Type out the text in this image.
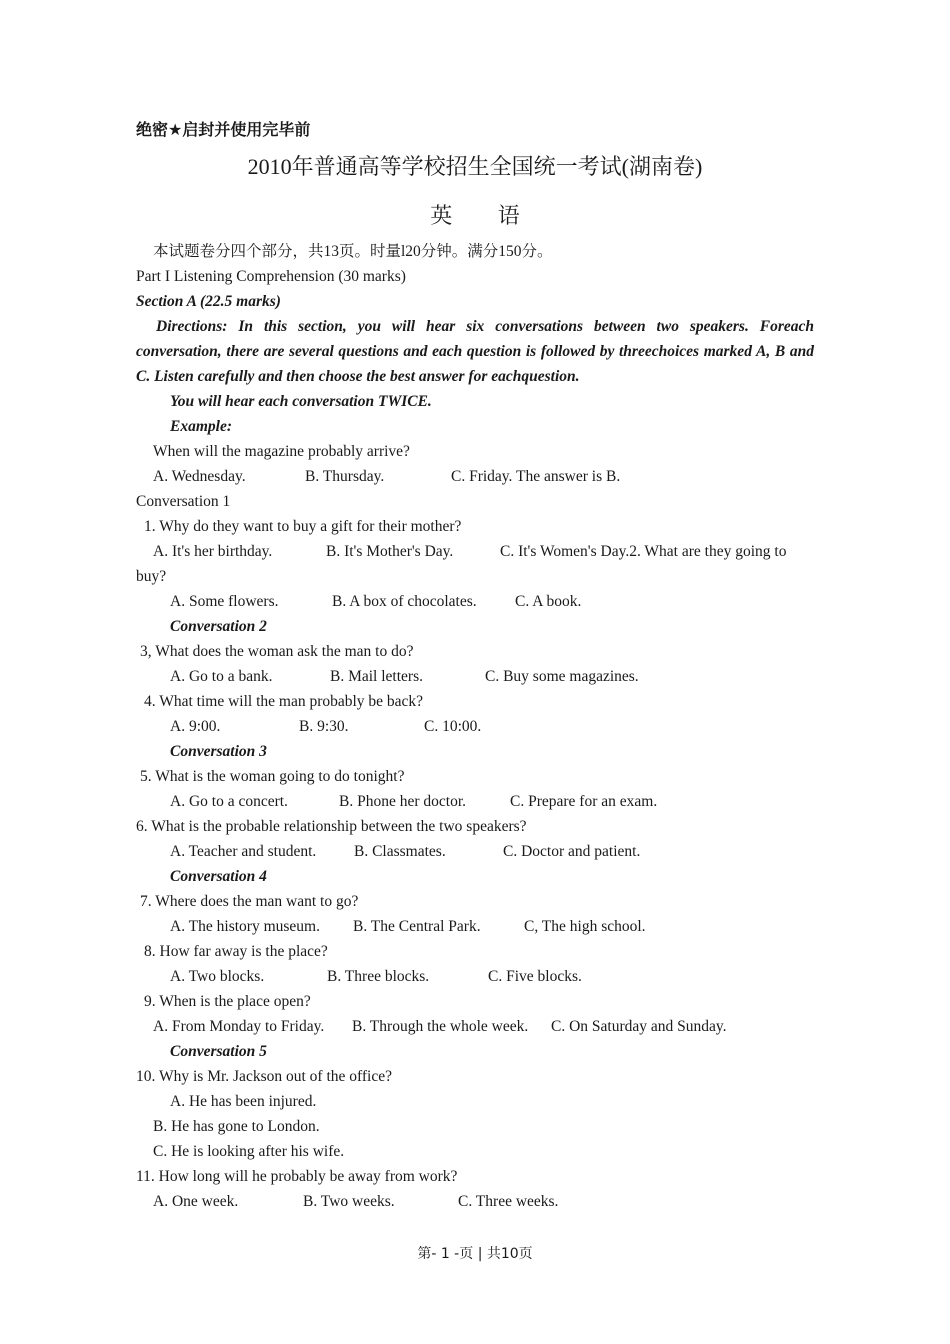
绝密★启封并使用完毕前
2010年普通高等学校招生全国统一考试(湖南卷)
英 语
本试题卷分四个部分，共13页。时量l20分钟。满分150分。
Part I Listening Comprehension (30 marks)
Section A (22.5 marks)
Directions: In this section, you will hear six conversations between two speakers. Foreach conversation, there are several questions and each question is followed by threechoices marked A, B and C. Listen carefully and then choose the best answer for eachquestion.
You will hear each conversation TWICE.
Example:
When will the magazine probably arrive?
A. Wednesday.	B. Thursday.	C. Friday. The answer is B.
Conversation 1
1. Why do they want to buy a gift for their mother?
A. It's her birthday.	B. It's Mother's Day.	C. It's Women's Day.2. What are they going to
buy?
A. Some flowers.	B. A box of chocolates. C. A book.
Conversation 2
3, What does the woman ask the man to do?
A. Go to a bank.	B. Mail letters.	C. Buy some magazines.
4. What time will the man probably be back?
A. 9:00.	B. 9:30.	C. 10:00.
Conversation 3
5. What is the woman going to do tonight?
A. Go to a concert.	B. Phone her doctor.	C. Prepare for an exam.
6. What is the probable relationship between the two speakers?
A. Teacher and student. B. Classmates.	C. Doctor and patient.
Conversation 4
7. Where does the man want to go?
A. The history museum. B. The Central Park.	C, The high school.
8. How far away is the place?
A. Two blocks.	B. Three blocks.	C. Five blocks.
9. When is the place open?
A. From Monday to Friday. B. Through the whole week. C. On Saturday and Sunday.
Conversation 5
10. Why is Mr. Jackson out of the office?
A. He has been injured.
B. He has gone to London.
C. He is looking after his wife.
11. How long will he probably be away from work?
A. One week.	B. Two weeks.	C. Three weeks.
第- 1 -页 | 共10页
